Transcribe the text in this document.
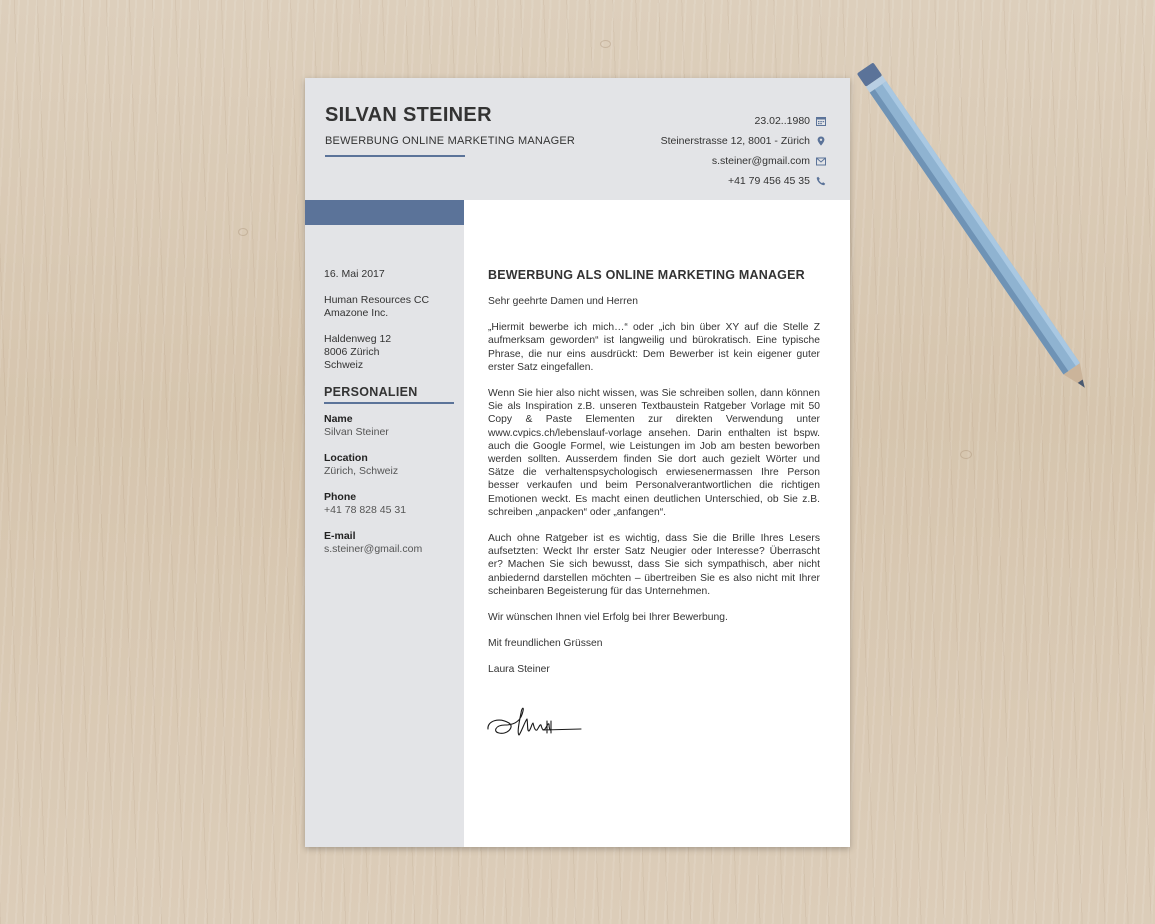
SILVAN STEINER
BEWERBUNG ONLINE MARKETING MANAGER
23.02..1980
Steinerstrasse 12, 8001 - Zürich
s.steiner@gmail.com
+41 79 456 45 35
16. Mai 2017
Human Resources CC
Amazone Inc.
Haldenweg 12
8006 Zürich
Schweiz
PERSONALIEN
Name
Silvan Steiner
Location
Zürich, Schweiz
Phone
+41 78 828 45 31
E-mail
s.steiner@gmail.com
BEWERBUNG ALS ONLINE MARKETING MANAGER

Sehr geehrte Damen und Herren

„Hiermit bewerbe ich mich…“ oder „ich bin über XY auf die Stelle Z aufmerksam geworden“ ist langweilig und bürokratisch. Eine typische Phrase, die nur eins ausdrückt: Dem Bewerber ist kein eigener guter erster Satz eingefallen.

Wenn Sie hier also nicht wissen, was Sie schreiben sollen, dann können Sie als Inspiration z.B. unseren Textbaustein Ratgeber Vorlage mit 50 Copy & Paste Elementen zur direkten Verwendung unter www.cvpics.ch/lebenslauf-vorlage ansehen. Darin enthalten ist bspw. auch die Google Formel, wie Leistungen im Job am besten beworben werden sollten. Ausserdem finden Sie dort auch gezielt Wörter und Sätze die verhaltenspsychologisch erwiesenermassen Ihre Person besser verkaufen und beim Personalverantwortlichen die richtigen Emotionen weckt. Es macht einen deutlichen Unterschied, ob Sie z.B. schreiben „anpacken“ oder „anfangen“.

Auch ohne Ratgeber ist es wichtig, dass Sie die Brille Ihres Lesers aufsetzten: Weckt Ihr erster Satz Neugier oder Interesse? Überrascht er? Machen Sie sich bewusst, dass Sie sich sympathisch, aber nicht anbiedernd darstellen möchten – übertreiben Sie es also nicht mit Ihrer scheinbaren Begeisterung für das Unternehmen.

Wir wünschen Ihnen viel Erfolg bei Ihrer Bewerbung.

Mit freundlichen Grüssen

Laura Steiner
